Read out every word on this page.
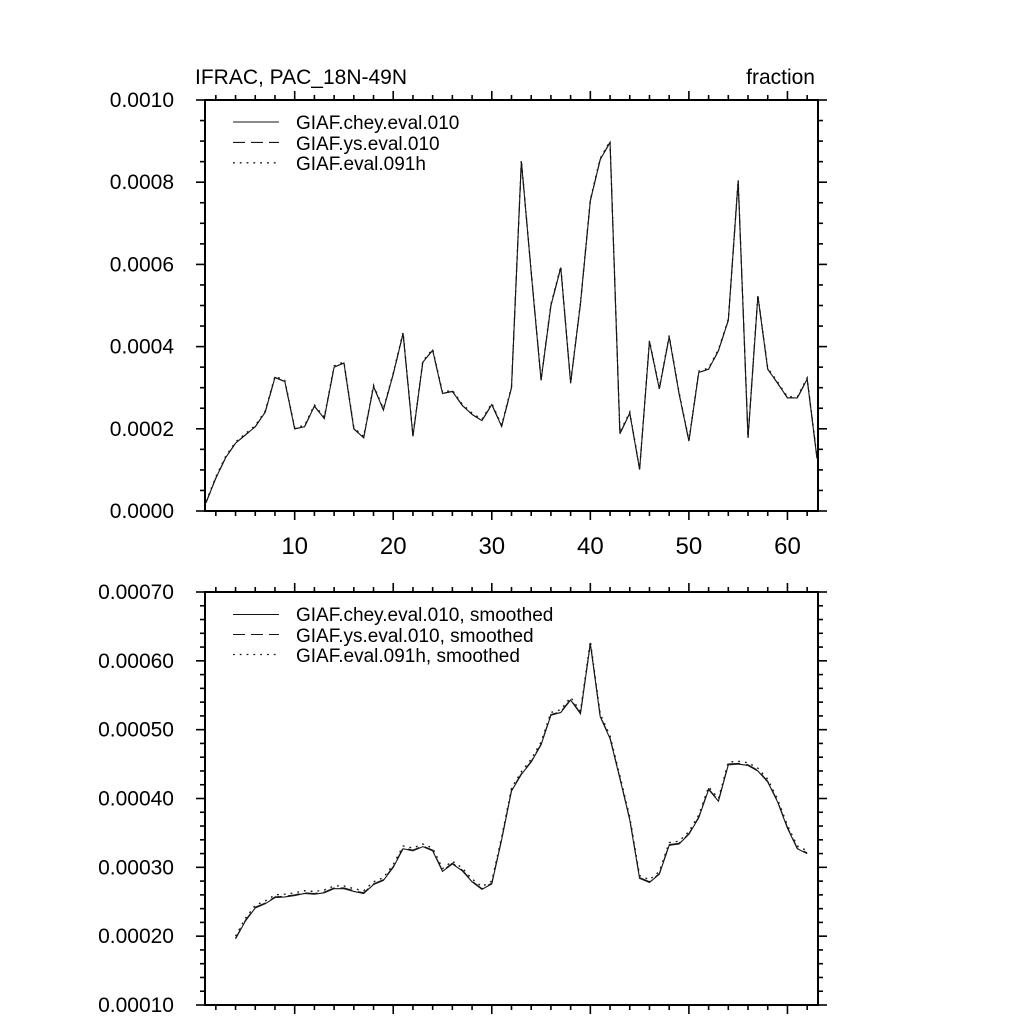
IFRAC, PAC_18N-49N	fraction
10	20	30	40	50	60
0.0000
0.0002
0.0004
0.0006
0.0008
0.0010
0.00010
0.00020
0.00030
0.00040
0.00050
0.00060
0.00070
GIAF.chey.eval.010
GIAF.ys.eval.010
GIAF.eval.091h
GIAF.chey.eval.010, smoothed
GIAF.ys.eval.010, smoothed
GIAF.eval.091h, smoothed
